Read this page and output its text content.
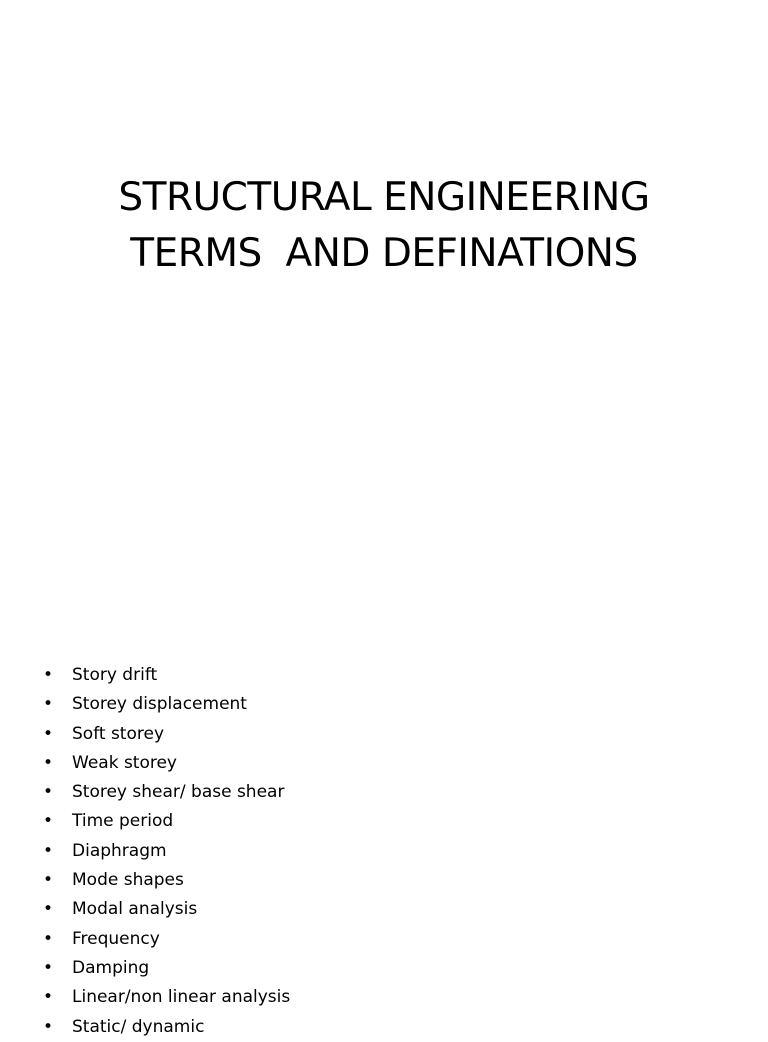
STRUCTURAL ENGINEERING
TERMS  AND DEFINATIONS
• Story drift
• Storey displacement
• Soft storey
• Weak storey
• Storey shear/ base shear
• Time period
• Diaphragm
• Mode shapes
• Modal analysis
• Frequency
• Damping
• Linear/non linear analysis
• Static/ dynamic
